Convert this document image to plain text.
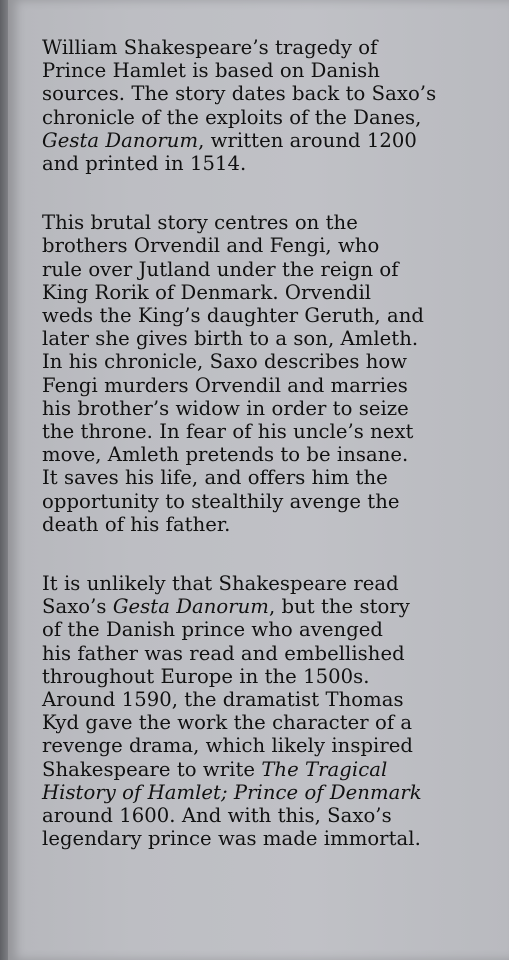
William Shakespeare’s tragedy of
Prince Hamlet is based on Danish
sources. The story dates back to Saxo’s
chronicle of the exploits of the Danes,
Gesta Danorum, written around 1200
and printed in 1514.

This brutal story centres on the
brothers Orvendil and Fengi, who
rule over Jutland under the reign of
King Rorik of Denmark. Orvendil
weds the King’s daughter Geruth, and
later she gives birth to a son, Amleth.
In his chronicle, Saxo describes how
Fengi murders Orvendil and marries
his brother’s widow in order to seize
the throne. In fear of his uncle’s next
move, Amleth pretends to be insane.
It saves his life, and offers him the
opportunity to stealthily avenge the
death of his father.

It is unlikely that Shakespeare read
Saxo’s Gesta Danorum, but the story
of the Danish prince who avenged
his father was read and embellished
throughout Europe in the 1500s.
Around 1590, the dramatist Thomas
Kyd gave the work the character of a
revenge drama, which likely inspired
Shakespeare to write The Tragical
History of Hamlet; Prince of Denmark
around 1600. And with this, Saxo’s
legendary prince was made immortal.
